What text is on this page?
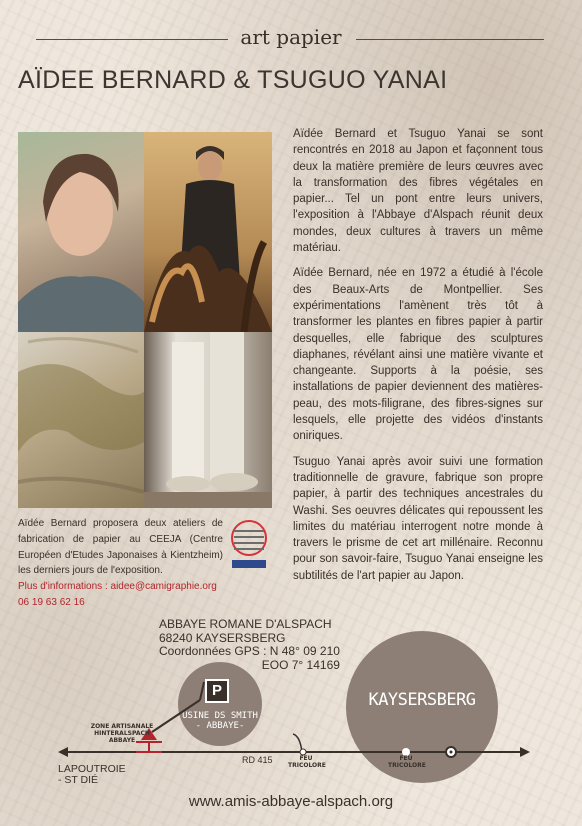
art papier
AÏDEE BERNARD & TSUGUO YANAI

Aïdée Bernard et Tsuguo Yanai se sont rencontrés en 2018 au Japon et façonnent tous deux la matière première de leurs œuvres avec la transformation des fibres végétales en papier... Tel un pont entre leurs univers, l'exposition à l'Abbaye d'Alspach réunit deux mondes, deux cultures à travers un même matériau.

Aïdée Bernard, née en 1972 a étudié à l'école des Beaux-Arts de Montpellier. Ses expérimentations l'amènent très tôt à transformer les plantes en fibres papier à partir desquelles, elle fabrique des sculptures diaphanes, révélant ainsi une matière vivante et changeante. Supports à la poésie, ses installations de papier deviennent des matières-peau, des mots-filigrane, des fibres-signes sur lesquels, elle projette des vidéos d'instants oniriques.

Tsuguo Yanai après avoir suivi une formation traditionnelle de gravure, fabrique son propre papier, à partir des techniques ancestrales du Washi. Ses oeuvres délicates qui repoussent les limites du matériau interrogent notre monde à travers le prisme de cet art millénaire. Reconnu pour son savoir-faire, Tsuguo Yanai enseigne les subtilités de l'art papier au Japon.

Aïdée Bernard proposera deux ateliers de fabrication de papier au CEEJA (Centre Européen d'Etudes Japonaises à Kientzheim) les derniers jours de l'exposition.
Plus d'informations : aidee@camigraphie.org
06 19 63 62 16
ABBAYE ROMANE D'ALSPACH
68240 KAYSERSBERG
Coordonnées GPS : N 48° 09 210
EOO 7° 14169
P
USINE DS SMITH
- ABBAYE-
KAYSERSBERG
ZONE ARTISANALE
HINTERALSPACH
ABBAYE
FEU
TRICOLORE
FEU
TRICOLORE
RD 415
LAPOUTROIE
- ST DIÉ
www.amis-abbaye-alspach.org
